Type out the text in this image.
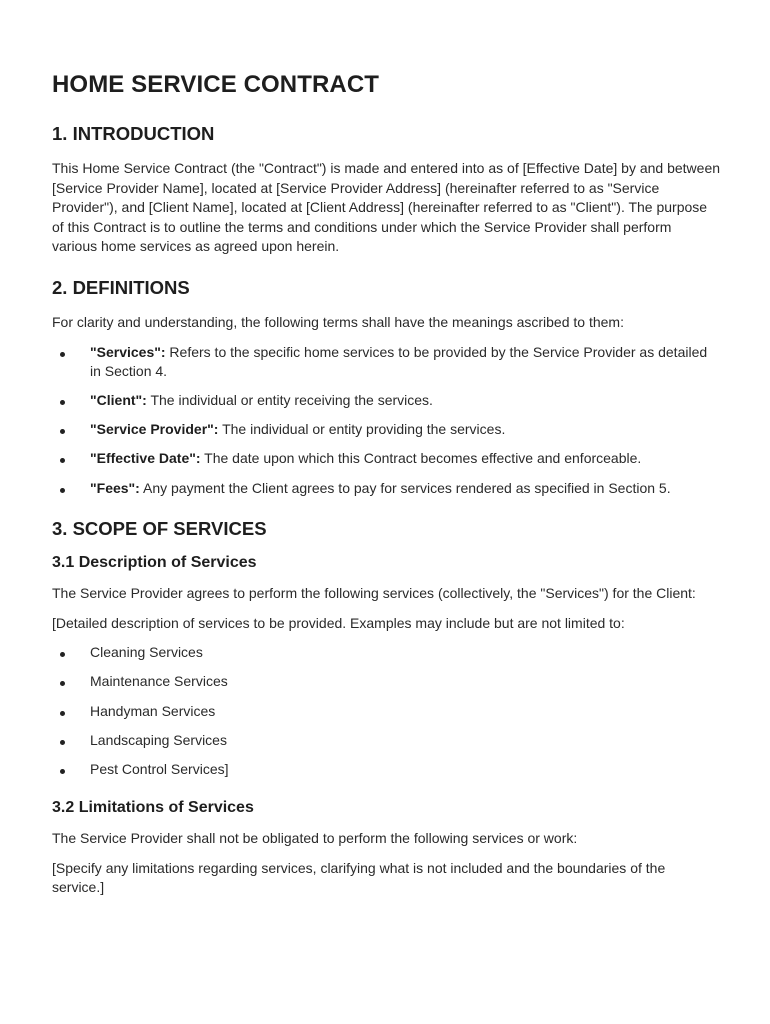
HOME SERVICE CONTRACT
1. INTRODUCTION

This Home Service Contract (the "Contract") is made and entered into as of [Effective Date] by and between [Service Provider Name], located at [Service Provider Address] (hereinafter referred to as "Service Provider"), and [Client Name], located at [Client Address] (hereinafter referred to as "Client"). The purpose of this Contract is to outline the terms and conditions under which the Service Provider shall perform various home services as agreed upon herein.

2. DEFINITIONS

For clarity and understanding, the following terms shall have the meanings ascribed to them:

"Services": Refers to the specific home services to be provided by the Service Provider as detailed in Section 4.
"Client": The individual or entity receiving the services.
"Service Provider": The individual or entity providing the services.
"Effective Date": The date upon which this Contract becomes effective and enforceable.
"Fees": Any payment the Client agrees to pay for services rendered as specified in Section 5.
3. SCOPE OF SERVICES
3.1 Description of Services

The Service Provider agrees to perform the following services (collectively, the "Services") for the Client:

[Detailed description of services to be provided. Examples may include but are not limited to:

Cleaning Services
Maintenance Services
Handyman Services
Landscaping Services
Pest Control Services]
3.2 Limitations of Services

The Service Provider shall not be obligated to perform the following services or work:

[Specify any limitations regarding services, clarifying what is not included and the boundaries of the service.]
